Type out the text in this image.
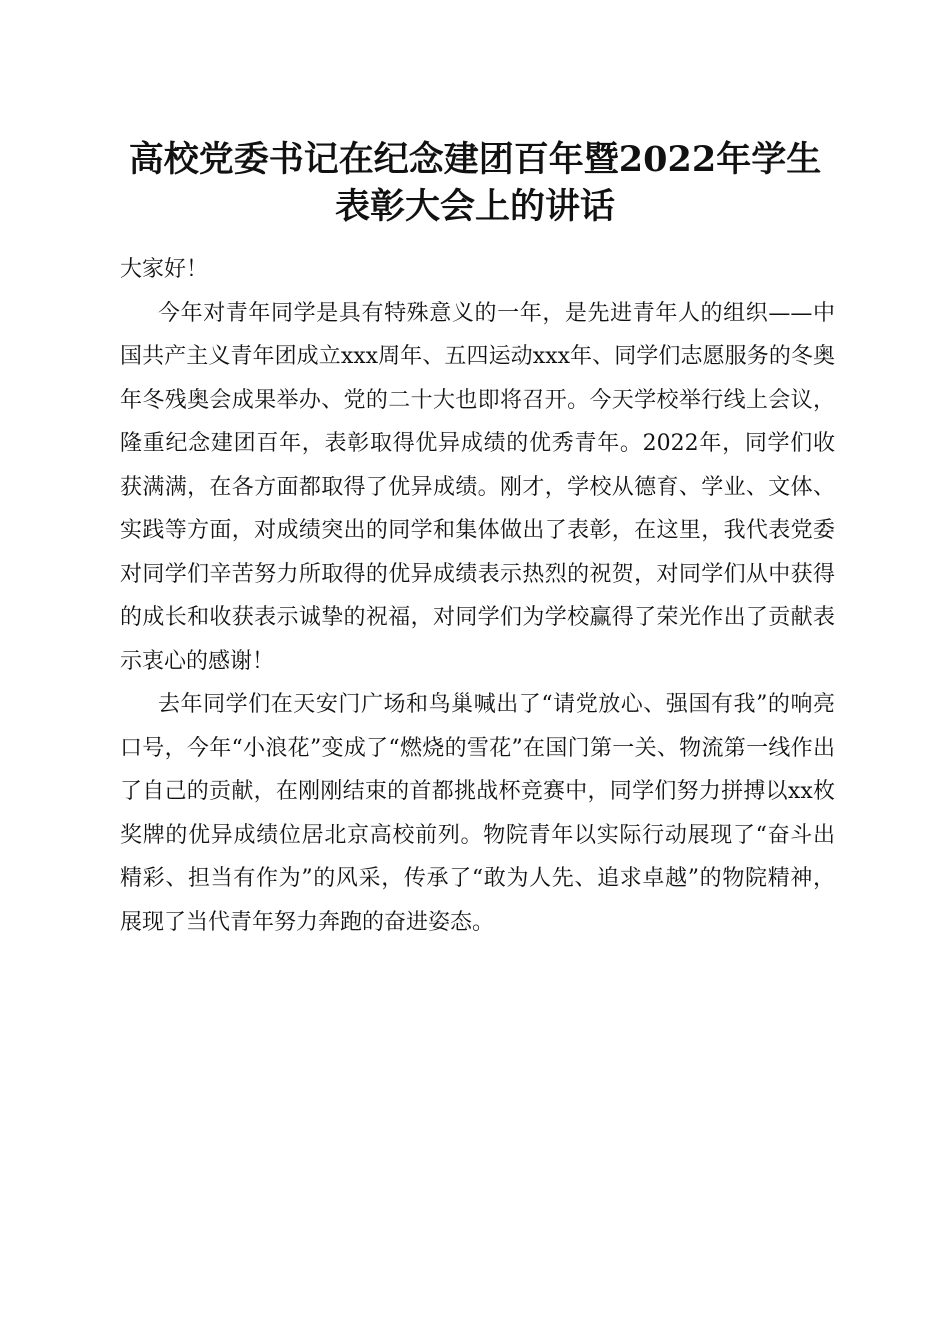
高校党委书记在纪念建团百年暨2022年学生
表彰大会上的讲话

大家好！

今年对青年同学是具有特殊意义的一年，是先进青年人的组织——中国共产主义青年团成立xxx周年、五四运动xxx年、同学们志愿服务的冬奥年冬残奥会成果举办、党的二十大也即将召开。今天学校举行线上会议，隆重纪念建团百年，表彰取得优异成绩的优秀青年。2022年，同学们收获满满，在各方面都取得了优异成绩。刚才，学校从德育、学业、文体、实践等方面，对成绩突出的同学和集体做出了表彰，在这里，我代表党委对同学们辛苦努力所取得的优异成绩表示热烈的祝贺，对同学们从中获得的成长和收获表示诚挚的祝福，对同学们为学校赢得了荣光作出了贡献表示衷心的感谢！

去年同学们在天安门广场和鸟巢喊出了“请党放心、强国有我”的响亮口号，今年“小浪花”变成了“燃烧的雪花”在国门第一关、物流第一线作出了自己的贡献，在刚刚结束的首都挑战杯竞赛中，同学们努力拼搏以xx枚奖牌的优异成绩位居北京高校前列。物院青年以实际行动展现了“奋斗出精彩、担当有作为”的风采，传承了“敢为人先、追求卓越”的物院精神，展现了当代青年努力奔跑的奋进姿态。
